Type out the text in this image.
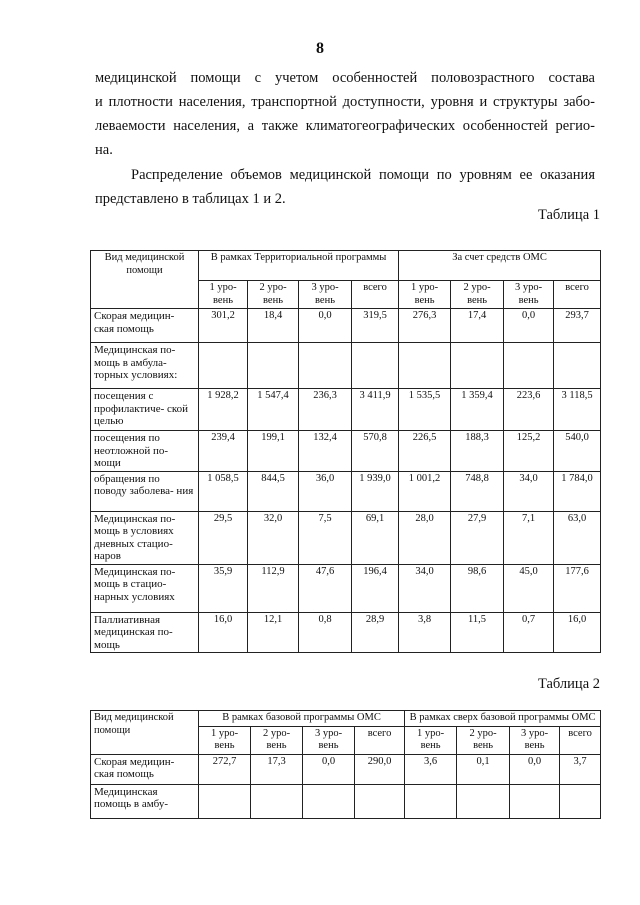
8
медицинской помощи с учетом особенностей половозрастного состава
и плотности населения, транспортной доступности, уровня и структуры забо-
леваемости населения, а также климатогеографических особенностей регио-
на.
Распределение объемов медицинской помощи по уровням ее оказания
представлено в таблицах 1 и 2.
Таблица 1
Вид медицинской помощи	В рамках Территориальной программы				За счет средств ОМС			
	1 уро- вень	2 уро- вень	3 уро- вень	всего	1 уро- вень	2 уро- вень	3 уро- вень	всего
Скорая медицин- ская помощь	301,2	18,4	0,0	319,5	276,3	17,4	0,0	293,7
Медицинская по- мощь в амбула- торных условиях:								
посещения с профилактиче- ской целью	1 928,2	1 547,4	236,3	3 411,9	1 535,5	1 359,4	223,6	3 118,5
посещения по неотложной по- мощи	239,4	199,1	132,4	570,8	226,5	188,3	125,2	540,0
обращения по поводу заболева- ния	1 058,5	844,5	36,0	1 939,0	1 001,2	748,8	34,0	1 784,0
Медицинская по- мощь в условиях дневных стацио- наров	29,5	32,0	7,5	69,1	28,0	27,9	7,1	63,0
Медицинская по- мощь в стацио- нарных условиях	35,9	112,9	47,6	196,4	34,0	98,6	45,0	177,6
Паллиативная медицинская по- мощь	16,0	12,1	0,8	28,9	3,8	11,5	0,7	16,0
Таблица 2
Вид медицинской помощи	В рамках базовой программы ОМС				В рамках сверх базовой программы ОМС			
	1 уро- вень	2 уро- вень	3 уро- вень	всего	1 уро- вень	2 уро- вень	3 уро- вень	всего
Скорая медицин- ская помощь	272,7	17,3	0,0	290,0	3,6	0,1	0,0	3,7
Медицинская помощь в амбу-								
